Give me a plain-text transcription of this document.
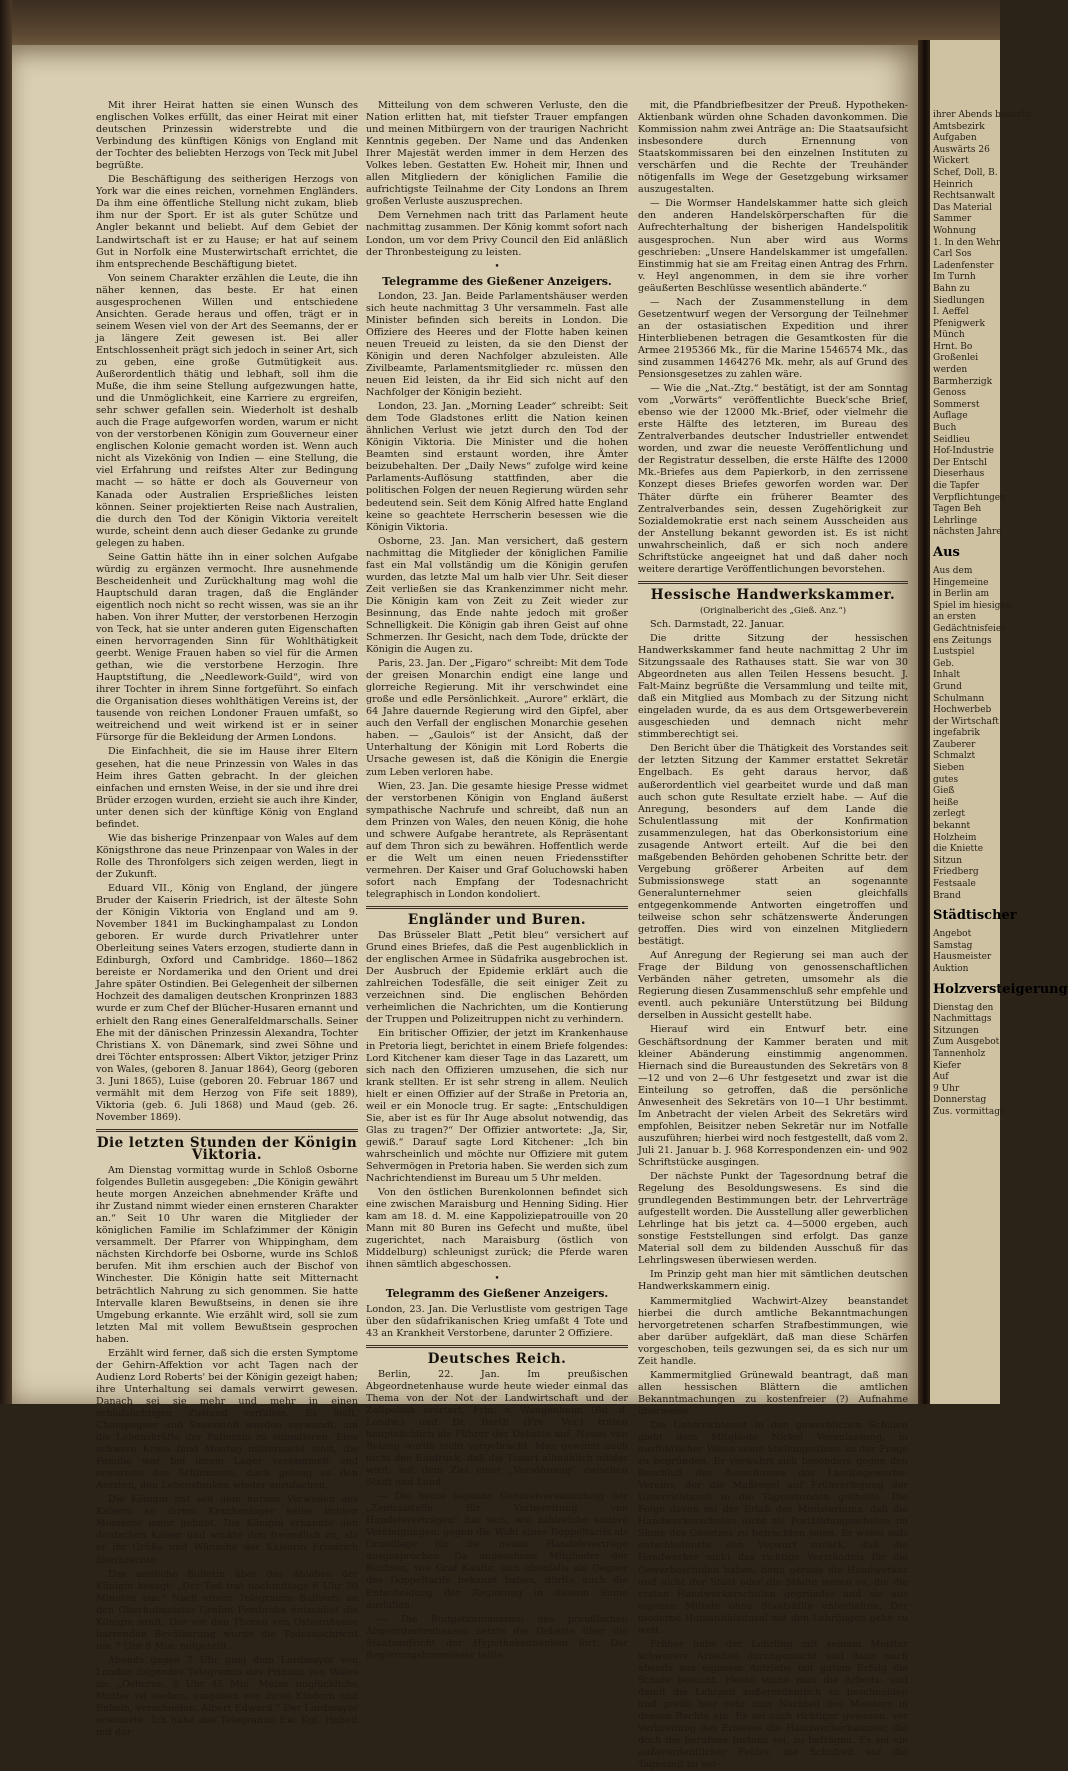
Mit ihrer Heirat hatten sie einen Wunsch des englischen Volkes erfüllt, das einer Heirat mit einer deutschen Prinzessin widerstrebte und die Verbindung des künftigen Königs von England mit der Tochter des beliebten Herzogs von Teck mit Jubel begrüßte.

Die Beschäftigung des seitherigen Herzogs von York war die eines reichen, vornehmen Engländers. Da ihm eine öffentliche Stellung nicht zukam, blieb ihm nur der Sport. Er ist als guter Schütze und Angler bekannt und beliebt. Auf dem Gebiet der Landwirtschaft ist er zu Hause; er hat auf seinem Gut in Norfolk eine Musterwirtschaft errichtet, die ihm entsprechende Beschäftigung bietet.

Von seinem Charakter erzählen die Leute, die ihn näher kennen, das beste. Er hat einen ausgesprochenen Willen und entschiedene Ansichten. Gerade heraus und offen, trägt er in seinem Wesen viel von der Art des Seemanns, der er ja längere Zeit gewesen ist. Bei aller Entschlossenheit prägt sich jedoch in seiner Art, sich zu geben, eine große Gutmütigkeit aus. Außerordentlich thätig und lebhaft, soll ihm die Muße, die ihm seine Stellung aufgezwungen hatte, und die Unmöglichkeit, eine Karriere zu ergreifen, sehr schwer gefallen sein. Wiederholt ist deshalb auch die Frage aufgeworfen worden, warum er nicht von der verstorbenen Königin zum Gouverneur einer englischen Kolonie gemacht worden ist. Wenn auch nicht als Vizekönig von Indien — eine Stellung, die viel Erfahrung und reifstes Alter zur Bedingung macht — so hätte er doch als Gouverneur von Kanada oder Australien Ersprießliches leisten können. Seiner projektierten Reise nach Australien, die durch den Tod der Königin Viktoria vereitelt wurde, scheint denn auch dieser Gedanke zu grunde gelegen zu haben.

Seine Gattin hätte ihn in einer solchen Aufgabe würdig zu ergänzen vermocht. Ihre ausnehmende Bescheidenheit und Zurückhaltung mag wohl die Hauptschuld daran tragen, daß die Engländer eigentlich noch nicht so recht wissen, was sie an ihr haben. Von ihrer Mutter, der verstorbenen Herzogin von Teck, hat sie unter anderen guten Eigenschaften einen hervorragenden Sinn für Wohlthätigkeit geerbt. Wenige Frauen haben so viel für die Armen gethan, wie die verstorbene Herzogin. Ihre Hauptstiftung, die „Needlework-Guild“, wird von ihrer Tochter in ihrem Sinne fortgeführt. So einfach die Organisation dieses wohlthätigen Vereins ist, der tausende von reichen Londoner Frauen umfaßt, so weitreichend und weit wirkend ist er in seiner Fürsorge für die Bekleidung der Armen Londons.

Die Einfachheit, die sie im Hause ihrer Eltern gesehen, hat die neue Prinzessin von Wales in das Heim ihres Gatten gebracht. In der gleichen einfachen und ernsten Weise, in der sie und ihre drei Brüder erzogen wurden, erzieht sie auch ihre Kinder, unter denen sich der künftige König von England befindet.

Wie das bisherige Prinzenpaar von Wales auf dem Königsthrone das neue Prinzenpaar von Wales in der Rolle des Thronfolgers sich zeigen werden, liegt in der Zukunft.

Eduard VII., König von England, der jüngere Bruder der Kaiserin Friedrich, ist der älteste Sohn der Königin Viktoria von England und am 9. November 1841 im Buckinghampalast zu London geboren. Er wurde durch Privatlehrer unter Oberleitung seines Vaters erzogen, studierte dann in Edinburgh, Oxford und Cambridge. 1860—1862 bereiste er Nordamerika und den Orient und drei Jahre später Ostindien. Bei Gelegenheit der silbernen Hochzeit des damaligen deutschen Kronprinzen 1883 wurde er zum Chef der Blücher-Husaren ernannt und erhielt den Rang eines Generalfeldmarschalls. Seiner Ehe mit der dänischen Prinzessin Alexandra, Tochter Christians X. von Dänemark, sind zwei Söhne und drei Töchter entsprossen: Albert Viktor, jetziger Prinz von Wales, (geboren 8. Januar 1864), Georg (geboren 3. Juni 1865), Luise (geboren 20. Februar 1867 und vermählt mit dem Herzog von Fife seit 1889), Viktoria (geb. 6. Juli 1868) und Maud (geb. 26. November 1869).

Die letzten Stunden der Königin Viktoria.

Am Dienstag vormittag wurde in Schloß Osborne folgendes Bulletin ausgegeben: „Die Königin gewährt heute morgen Anzeichen abnehmender Kräfte und ihr Zustand nimmt wieder einen ernsteren Charakter an.“ Seit 10 Uhr waren die Mitglieder der königlichen Familie im Schlafzimmer der Königin versammelt. Der Pfarrer von Whippingham, dem nächsten Kirchdorfe bei Osborne, wurde ins Schloß berufen. Mit ihm erschien auch der Bischof von Winchester. Die Königin hatte seit Mitternacht beträchtlich Nahrung zu sich genommen. Sie hatte Intervalle klaren Bewußtseins, in denen sie ihre Umgebung erkannte. Wie erzählt wird, soll sie zum letzten Mal mit vollem Bewußtsein gesprochen haben.

Erzählt wird ferner, daß sich die ersten Symptome der Gehirn-Affektion vor acht Tagen nach der Audienz Lord Roberts' bei der Königin gezeigt haben; ihre Unterhaltung sei damals verwirrt gewesen. Danach sei sie mehr und mehr in einen schlafsüchtigen Zustand verfallen. Es hielt, Champagner und Sauerstoff wurden verwandt, um die Lebenskräfte der Patientin zu stimulieren. Eine schwere Krisis fand Montag mitternacht statt, die Familie war bei ihrem Lager versammelt und erwartete das Schlimmste, doch gelang es den Aerzten, den Lebensfunken wieder anzufachen.

Die Königin hat seit dem kurzen Verweilen des Kaisers an ihrem Krankenlager keine lichten Momente mehr gehabt. Die Königin erkannte den deutschen Kaiser und winkte ihm freundlich zu, als er ihr Grüße und Wünsche der Kaiserin Friedrich überbrachte.

Das amtliche Bulletin über das Ableben der Königin besagt: „Der Tod trat nachmittags 6 Uhr 30 Minuten ein.“ Nach einem Telegramm Balfours an den Oberhofmeister Grafen Pembroke entschlief die Königin sanft. Der vor den Thoren von Osbornhouse harrenden Bevölkerung wurde die Todesnachricht um 7 Uhr 8 Min. mitgeteilt.

Abends gegen 7 Uhr ging dem Lordmayor von London folgendes Telegramm des Prinzen von Wales zu: „Osborne, 6 Uhr 45 Min. Meine unglückliche Mutter ist soeben, umgeben von ihren Kindern und Enkeln, verschieden. Albert Edward.“ Der Lordmayor erwiderte: Ich habe das Telegramm Ew. Kgl. Hoheit mit der

Mitteilung von dem schweren Verluste, den die Nation erlitten hat, mit tiefster Trauer empfangen und meinen Mitbürgern von der traurigen Nachricht Kenntnis gegeben. Der Name und das Andenken Ihrer Majestät werden immer in dem Herzen des Volkes leben. Gestatten Ew. Hoheit mir, Ihnen und allen Mitgliedern der königlichen Familie die aufrichtigste Teilnahme der City Londons an Ihrem großen Verluste auszusprechen.

Dem Vernehmen nach tritt das Parlament heute nachmittag zusammen. Der König kommt sofort nach London, um vor dem Privy Council den Eid anläßlich der Thronbesteigung zu leisten.

•
Telegramme des Gießener Anzeigers.

London, 23. Jan. Beide Parlamentshäuser werden sich heute nachmittag 3 Uhr versammeln. Fast alle Minister befinden sich bereits in London. Die Offiziere des Heeres und der Flotte haben keinen neuen Treueid zu leisten, da sie den Dienst der Königin und deren Nachfolger abzuleisten. Alle Zivilbeamte, Parlamentsmitglieder rc. müssen den neuen Eid leisten, da ihr Eid sich nicht auf den Nachfolger der Königin bezieht.

London, 23. Jan. „Morning Leader“ schreibt: Seit dem Tode Gladstones erlitt die Nation keinen ähnlichen Verlust wie jetzt durch den Tod der Königin Viktoria. Die Minister und die hohen Beamten sind erstaunt worden, ihre Ämter beizubehalten. Der „Daily News“ zufolge wird keine Parlaments-Auflösung stattfinden, aber die politischen Folgen der neuen Regierung würden sehr bedeutend sein. Seit dem König Alfred hatte England keine so geachtete Herrscherin besessen wie die Königin Viktoria.

Osborne, 23. Jan. Man versichert, daß gestern nachmittag die Mitglieder der königlichen Familie fast ein Mal vollständig um die Königin gerufen wurden, das letzte Mal um halb vier Uhr. Seit dieser Zeit verließen sie das Krankenzimmer nicht mehr. Die Königin kam von Zeit zu Zeit wieder zur Besinnung, das Ende nahte jedoch mit großer Schnelligkeit. Die Königin gab ihren Geist auf ohne Schmerzen. Ihr Gesicht, nach dem Tode, drückte der Königin die Augen zu.

Paris, 23. Jan. Der „Figaro“ schreibt: Mit dem Tode der greisen Monarchin endigt eine lange und glorreiche Regierung. Mit ihr verschwindet eine große und edle Persönlichkeit. „Aurore“ erklärt, die 64 Jahre dauernde Regierung wird den Gipfel, aber auch den Verfall der englischen Monarchie gesehen haben. — „Gaulois“ ist der Ansicht, daß der Unterhaltung der Königin mit Lord Roberts die Ursache gewesen ist, daß die Königin die Energie zum Leben verloren habe.

Wien, 23. Jan. Die gesamte hiesige Presse widmet der verstorbenen Königin von England äußerst sympathische Nachrufe und schreibt, daß nun an dem Prinzen von Wales, den neuen König, die hohe und schwere Aufgabe herantrete, als Repräsentant auf dem Thron sich zu bewähren. Hoffentlich werde er die Welt um einen neuen Friedensstifter vermehren. Der Kaiser und Graf Goluchowski haben sofort nach Empfang der Todesnachricht telegraphisch in London kondoliert.

Engländer und Buren.

Das Brüsseler Blatt „Petit bleu“ versichert auf Grund eines Briefes, daß die Pest augenblicklich in der englischen Armee in Südafrika ausgebrochen ist. Der Ausbruch der Epidemie erklärt auch die zahlreichen Todesfälle, die seit einiger Zeit zu verzeichnen sind. Die englischen Behörden verheimlichen die Nachrichten, um die Kontierung der Truppen und Polizeitruppen nicht zu verhindern.

Ein britischer Offizier, der jetzt im Krankenhause in Pretoria liegt, berichtet in einem Briefe folgendes: Lord Kitchener kam dieser Tage in das Lazarett, um sich nach den Offizieren umzusehen, die sich nur krank stellten. Er ist sehr streng in allem. Neulich hielt er einen Offizier auf der Straße in Pretoria an, weil er ein Monocle trug. Er sagte: „Entschuldigen Sie, aber ist es für Ihr Auge absolut notwendig, das Glas zu tragen?“ Der Offizier antwortete: „Ja, Sir, gewiß.“ Darauf sagte Lord Kitchener: „Ich bin wahrscheinlich und möchte nur Offiziere mit gutem Sehvermögen in Pretoria haben. Sie werden sich zum Nachrichtendienst im Bureau um 5 Uhr melden.

Von den östlichen Burenkolonnen befindet sich eine zwischen Maraisburg und Henning Siding. Hier kam am 18. d. M. eine Kappoliziepatrouille von 20 Mann mit 80 Buren ins Gefecht und mußte, übel zugerichtet, nach Maraisburg (östlich von Middelburg) schleunigst zurück; die Pferde waren ihnen sämtlich abgeschossen.

•
Telegramm des Gießener Anzeigers.

London, 23. Jan. Die Verlustliste vom gestrigen Tage über den südafrikanischen Krieg umfaßt 4 Tote und 43 an Krankheit Verstorbene, darunter 2 Offiziere.

Deutsches Reich.

Berlin, 22. Jan. Im preußischen Abgeordnetenhause wurde heute wieder einmal das Thema von der Not der Landwirtschaft und der Zollpolitik erörtert. Frhr. v. Wangenheim (Bd. d. Landw.) und Dr. Barth (Frs. Ver.) traten hauptsächlich als Führer der Debatte auf. Neues von Belang wurde nicht vorgebracht. Man gewinnt auch nicht den Eindruck, daß die Tonart allmählich milder wird, mit dem Ziel einer „Versöhnung“ zwischen Stadt und Land.

— Die heute tagende Generalversammlung der „Zentralstelle für Vorbereitung von Handelsverträgen“ hat sich, wie zahlreiche andere Vereinigungen, gegen die Wahl eines Doppeltarifs als Grundlage für die neuen Handelsverträge ausgesprochen. Da angesehene Mitglieder der Rechten, wie Graf Kanitz, sich ebenfalls als Gegner des Doppeltarifs bekannt haben, dürfte auch die Entscheidung der Regierung in diesem Sinne ausfallen.

— Die Budgetkommission des preußischen Abgeordnetenhauses setzte die Debatte über die Staatsaufsicht der Hypothekenbanken fort. Der Regierungskommissar teilte

mit, die Pfandbriefbesitzer der Preuß. Hypotheken-Aktienbank würden ohne Schaden davonkommen. Die Kommission nahm zwei Anträge an: Die Staatsaufsicht insbesondere durch Ernennung von Staatskommissaren bei den einzelnen Instituten zu verschärfen und die Rechte der Treuhänder nötigenfalls im Wege der Gesetzgebung wirksamer auszugestalten.

— Die Wormser Handelskammer hatte sich gleich den anderen Handelskörperschaften für die Aufrechterhaltung der bisherigen Handelspolitik ausgesprochen. Nun aber wird aus Worms geschrieben: „Unsere Handelskammer ist umgefallen. Einstimmig hat sie am Freitag einen Antrag des Frhrn. v. Heyl angenommen, in dem sie ihre vorher geäußerten Beschlüsse wesentlich abänderte.“

— Nach der Zusammenstellung in dem Gesetzentwurf wegen der Versorgung der Teilnehmer an der ostasiatischen Expedition und ihrer Hinterbliebenen betragen die Gesamtkosten für die Armee 2195366 Mk., für die Marine 1546574 Mk., das sind zusammen 1464276 Mk. mehr, als auf Grund des Pensionsgesetzes zu zahlen wäre.

— Wie die „Nat.-Ztg.“ bestätigt, ist der am Sonntag vom „Vorwärts“ veröffentlichte Bueck'sche Brief, ebenso wie der 12000 Mk.-Brief, oder vielmehr die erste Hälfte des letzteren, im Bureau des Zentralverbandes deutscher Industrieller entwendet worden, und zwar die neueste Veröffentlichung und der Registratur desselben, die erste Hälfte des 12000 Mk.-Briefes aus dem Papierkorb, in den zerrissene Konzept dieses Briefes geworfen worden war. Der Thäter dürfte ein früherer Beamter des Zentralverbandes sein, dessen Zugehörigkeit zur Sozialdemokratie erst nach seinem Ausscheiden aus der Anstellung bekannt geworden ist. Es ist nicht unwahrscheinlich, daß er sich noch andere Schriftstücke angeeignet hat und daß daher noch weitere derartige Veröffentlichungen bevorstehen.

Hessische Handwerkskammer.
(Originalbericht des „Gieß. Anz.“)

Sch. Darmstadt, 22. Januar.

Die dritte Sitzung der hessischen Handwerkskammer fand heute nachmittag 2 Uhr im Sitzungssaale des Rathauses statt. Sie war von 30 Abgeordneten aus allen Teilen Hessens besucht. J. Falt-Mainz begrüßte die Versammlung und teilte mit, daß ein Mitglied aus Mombach zu der Sitzung nicht eingeladen wurde, da es aus dem Ortsgewerbeverein ausgeschieden und demnach nicht mehr stimmberechtigt sei.

Den Bericht über die Thätigkeit des Vorstandes seit der letzten Sitzung der Kammer erstattet Sekretär Engelbach. Es geht daraus hervor, daß außerordentlich viel gearbeitet wurde und daß man auch schon gute Resultate erzielt habe. — Auf die Anregung, besonders auf dem Lande die Schulentlassung mit der Konfirmation zusammenzulegen, hat das Oberkonsistorium eine zusagende Antwort erteilt. Auf die bei den maßgebenden Behörden gehobenen Schritte betr. der Vergebung größerer Arbeiten auf dem Submissionswege statt an sogenannte Generalunternehmer seien gleichfalls entgegenkommende Antworten eingetroffen und teilweise schon sehr schätzenswerte Änderungen getroffen. Dies wird von einzelnen Mitgliedern bestätigt.

Auf Anregung der Regierung sei man auch der Frage der Bildung von genossenschaftlichen Verbänden näher getreten, umsomehr als die Regierung diesen Zusammenschluß sehr empfehle und eventl. auch pekuniäre Unterstützung bei Bildung derselben in Aussicht gestellt habe.

Hierauf wird ein Entwurf betr. eine Geschäftsordnung der Kammer beraten und mit kleiner Abänderung einstimmig angenommen. Hiernach sind die Bureaustunden des Sekretärs von 8—12 und von 2—6 Uhr festgesetzt und zwar ist die Einteilung so getroffen, daß die persönliche Anwesenheit des Sekretärs von 10—1 Uhr bestimmt. Im Anbetracht der vielen Arbeit des Sekretärs wird empfohlen, Beisitzer neben Sekretär nur im Notfalle auszuführen; hierbei wird noch festgestellt, daß vom 2. Juli 21. Januar b. J. 968 Korrespondenzen ein- und 902 Schriftstücke ausgingen.

Der nächste Punkt der Tagesordnung betraf die Regelung des Besoldungswesens. Es sind die grundlegenden Bestimmungen betr. der Lehrverträge aufgestellt worden. Die Ausstellung aller gewerblichen Lehrlinge hat bis jetzt ca. 4—5000 ergeben, auch sonstige Feststellungen sind erfolgt. Das ganze Material soll dem zu bildenden Ausschuß für das Lehrlingswesen überwiesen werden.

Im Prinzip geht man hier mit sämtlichen deutschen Handwerkskammern einig.

Kammermitglied Wachwirt-Alzey beanstandet hierbei die durch amtliche Bekanntmachungen hervorgetretenen scharfen Strafbestimmungen, wie aber darüber aufgeklärt, daß man diese Schärfen vorgeschoben, teils gezwungen sei, da es sich nur um Zeit handle.

Kammermitglied Grünewald beantragt, daß man allen hessischen Blättern die amtlichen Bekanntmachungen zu kostenfreier (?) Aufnahme überweise.

Die Unterrichtszeit in den gewerblichen Schulen giebt dem Mitgliede Nickel Veranlassung, in ausführlicher Weise seine Stellungnahme zu der Frage zu begründen. Er verwahrt sich besonders gegen den Beschluß des Ausschusses des Landesgewerbe-Vereins, der die Maßregel auf Frühverlegung der Unterrichtszeit in die Tagesstunden gutheißt. Die Folge davon sei der Erlaß des Ministeriums, daß die Handwerkerschulen nicht als Fortbildungsschulen im Sinne des Gesetzes zu betrachten seien. Er weise aufs entschiedenste den Vorwurf zurück, daß die Handwerker nicht das richtige Verständnis für die Gewerbeschulen haben, denn gerade die Handwerker und nicht der Staat oder die Städte waren es, die die ersten Handwerkerschulen gegründet und sie aus eigenen Mitteln ohne Staatshilfe unterhalten. Der moderne Humanitätsdusel mit den Lehrlingen gehe zu weit.

Früher habe der Lehrling mit seinem Meister schwerere Arbeiten durchgemacht und dann noch abends aus eigenem Antriebe mit gutem Erfolg die Schule besucht. Heute suche man die Arbeits- und damit die Lehrzeit außerordentlich zu beschneiden und greife hier sehr zum Nachteil des Meisters in dessen Rechte ein. Es sei auch richtiger gewesen, vor Verbreitung des Erlasses die Handwerkerkammer, die doch die berufene Instanz sei, zu befragen. Es sei ein außerordentlicher Fehler, die Schulzeit auf die Tageszeit zu ver-

ihrer Abends besucht
Amtsbezirk
Aufgaben
Auswärts 26
Wickert
Schef, Doll, B.
Heinrich
Rechtsanwalt
Das Material
Sammer
Wohnung
1. In den Wehr
Carl Sos
Ladenfenster
Im Turnh
Bahn zu
Siedlungen
I. Aeffel
Pfenigwerk
Münch
Hrnt. Bo
Großenlei
werden
Barmherzigk
Genoss
Sommerst
Auflage
Buch
Seidlieu
Hof-Industrie
Der Entschl
Dieserhaus
die Tapfer
Verpflichtungen
Tagen Beh
Lehrlinge
nächsten Jahre
Aus
Aus dem
Hingemeine
in Berlin am
Spiel im hiesigen
an ersten
Gedächtnisfeier
ens Zeitungs
Lustspiel
Geb.
Inhalt
Grund
Schulmann
Hochwerbeb
der Wirtschaft
ingefabrik
Zauberer
Schmalzt
Sieben
gutes
Gieß
heiße
zerlegt
bekannt
Holzheim
die Kniette
Sitzun
Friedberg
Festsaale
Brand
Städtischer
Angebot
Samstag
Hausmeister
Auktion
Holzversteigerung
Dienstag den
Nachmittags
Sitzungen
Zum Ausgebot
Tannenholz
Kiefer
Auf
9 Uhr
Donnerstag
Zus. vormittags
